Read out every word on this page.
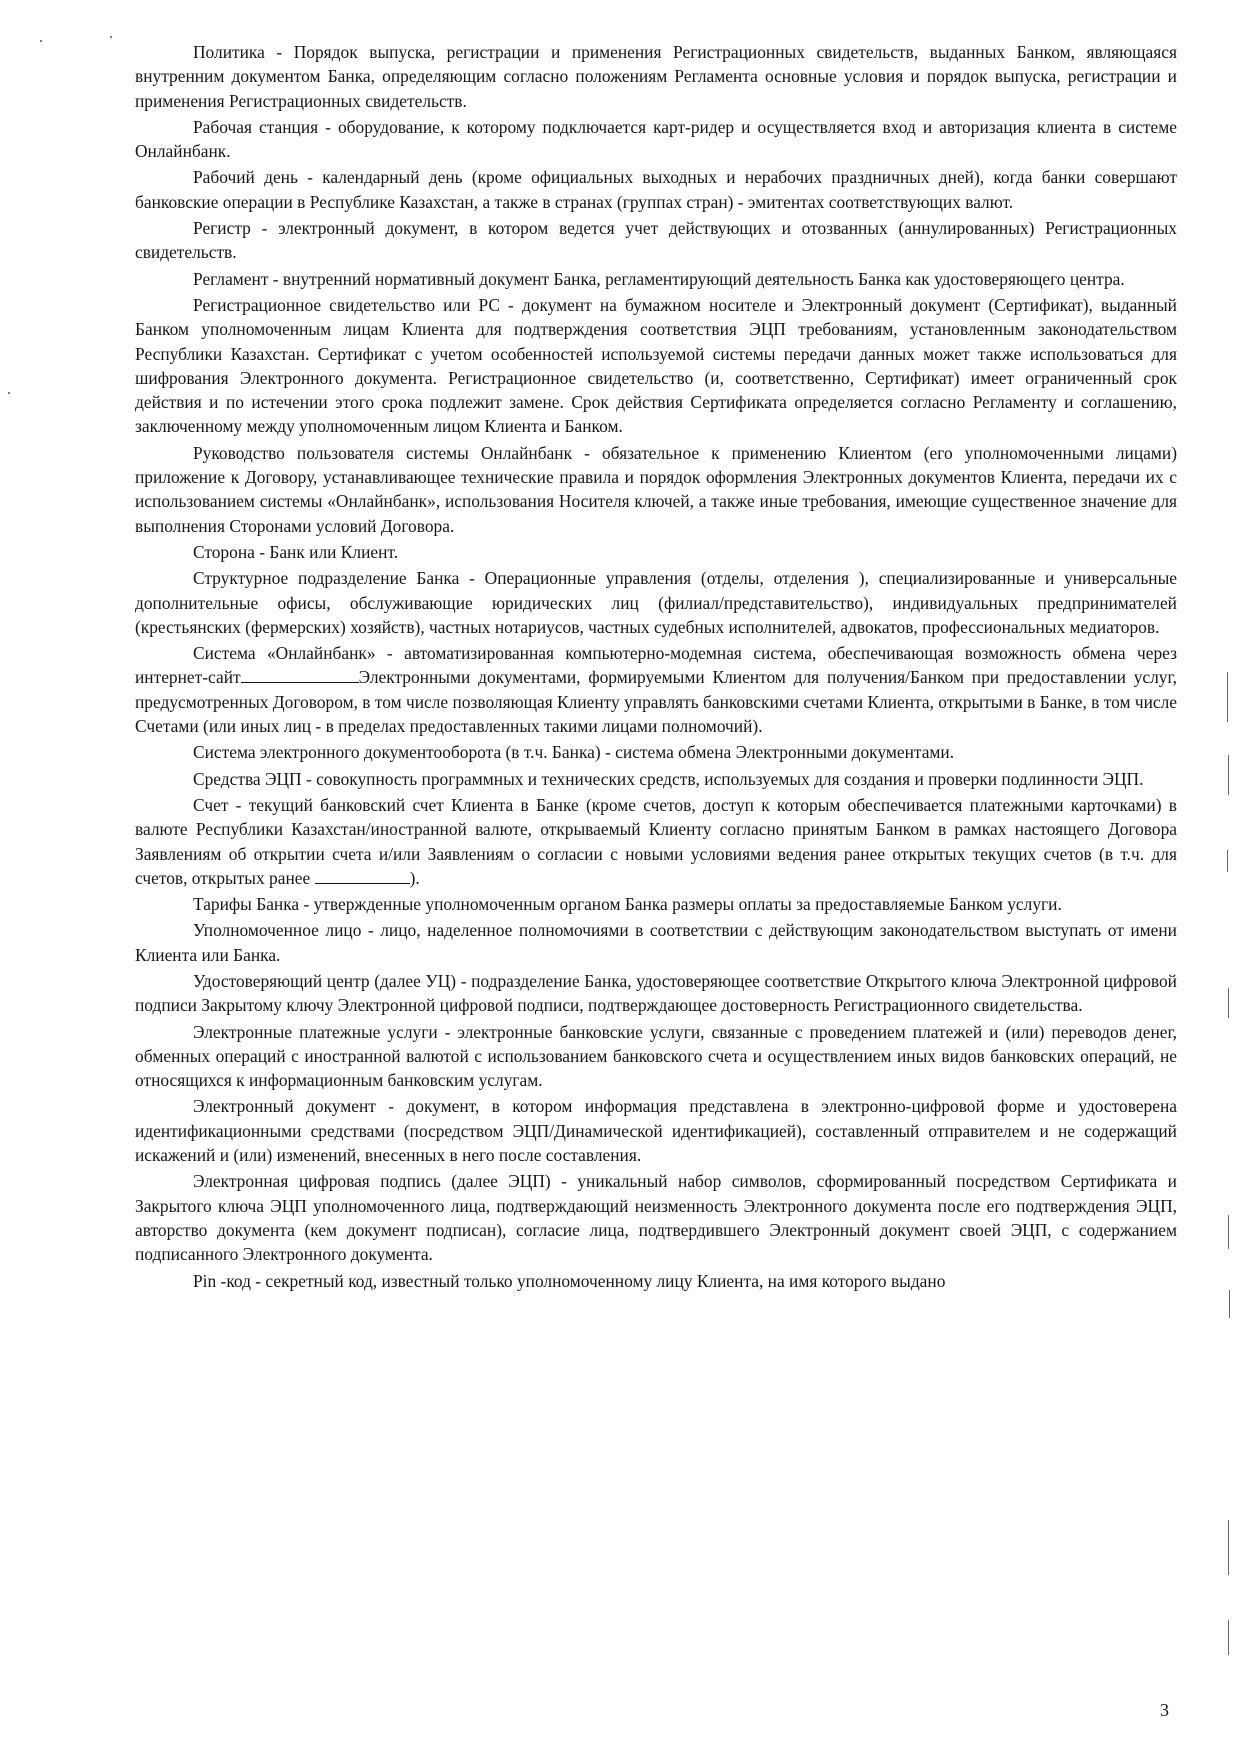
Политика - Порядок выпуска, регистрации и применения Регистрационных свидетельств, выданных Банком, являющаяся внутренним документом Банка, определяющим согласно положениям Регламента основные условия и порядок выпуска, регистрации и применения Регистрационных свидетельств.

Рабочая станция - оборудование, к которому подключается карт-ридер и осуществляется вход и авторизация клиента в системе Онлайнбанк.

Рабочий день - календарный день (кроме официальных выходных и нерабочих праздничных дней), когда банки совершают банковские операции в Республике Казахстан, а также в странах (группах стран) - эмитентах соответствующих валют.

Регистр - электронный документ, в котором ведется учет действующих и отозванных (аннулированных) Регистрационных свидетельств.

Регламент - внутренний нормативный документ Банка, регламентирующий деятельность Банка как удостоверяющего центра.

Регистрационное свидетельство или РС - документ на бумажном носителе и Электронный документ (Сертификат), выданный Банком уполномоченным лицам Клиента для подтверждения соответствия ЭЦП требованиям, установленным законодательством Республики Казахстан. Сертификат с учетом особенностей используемой системы передачи данных может также использоваться для шифрования Электронного документа. Регистрационное свидетельство (и, соответственно, Сертификат) имеет ограниченный срок действия и по истечении этого срока подлежит замене. Срок действия Сертификата определяется согласно Регламенту и соглашению, заключенному между уполномоченным лицом Клиента и Банком.

Руководство пользователя системы Онлайнбанк - обязательное к применению Клиентом (его уполномоченными лицами) приложение к Договору, устанавливающее технические правила и порядок оформления Электронных документов Клиента, передачи их с использованием системы «Онлайнбанк», использования Носителя ключей, а также иные требования, имеющие существенное значение для выполнения Сторонами условий Договора.

Сторона - Банк или Клиент.

Структурное подразделение Банка - Операционные управления (отделы, отделения ), специализированные и универсальные дополнительные офисы, обслуживающие юридических лиц (филиал/представительство), индивидуальных предпринимателей (крестьянских (фермерских) хозяйств), частных нотариусов, частных судебных исполнителей, адвокатов, профессиональных медиаторов.

Система «Онлайнбанк» - автоматизированная компьютерно-модемная система, обеспечивающая возможность обмена через интернет-сайт	Электронными документами, формируемыми Клиентом для получения/Банком при предоставлении услуг, предусмотренных Договором, в том числе позволяющая Клиенту управлять банковскими счетами Клиента, открытыми в Банке, в том числе Счетами (или иных лиц - в пределах предоставленных такими лицами полномочий).

Система электронного документооборота (в т.ч. Банка) - система обмена Электронными документами.

Средства ЭЦП - совокупность программных и технических средств, используемых для создания и проверки подлинности ЭЦП.

Счет - текущий банковский счет Клиента в Банке (кроме счетов, доступ к которым обеспечивается платежными карточками) в валюте Республики Казахстан/иностранной валюте, открываемый Клиенту согласно принятым Банком в рамках настоящего Договора Заявлениям об открытии счета и/или Заявлениям о согласии с новыми условиями ведения ранее открытых текущих счетов (в т.ч. для счетов, открытых ранее	).

Тарифы Банка - утвержденные уполномоченным органом Банка размеры оплаты за предоставляемые Банком услуги.

Уполномоченное лицо - лицо, наделенное полномочиями в соответствии с действующим законодательством выступать от имени Клиента или Банка.

Удостоверяющий центр (далее УЦ) - подразделение Банка, удостоверяющее соответствие Открытого ключа Электронной цифровой подписи Закрытому ключу Электронной цифровой подписи, подтверждающее достоверность Регистрационного свидетельства.

Электронные платежные услуги - электронные банковские услуги, связанные с проведением платежей и (или) переводов денег, обменных операций с иностранной валютой с использованием банковского счета и осуществлением иных видов банковских операций, не относящихся к информационным банковским услугам.

Электронный документ - документ, в котором информация представлена в электронно-цифровой форме и удостоверена идентификационными средствами (посредством ЭЦП/Динамической идентификацией), составленный отправителем и не содержащий искажений и (или) изменений, внесенных в него после составления.

Электронная цифровая подпись (далее ЭЦП) - уникальный набор символов, сформированный посредством Сертификата и Закрытого ключа ЭЦП уполномоченного лица, подтверждающий неизменность Электронного документа после его подтверждения ЭЦП, авторство документа (кем документ подписан), согласие лица, подтвердившего Электронный документ своей ЭЦП, с содержанием подписанного Электронного документа.

Pin -код - секретный код, известный только уполномоченному лицу Клиента, на имя которого выдано

3
